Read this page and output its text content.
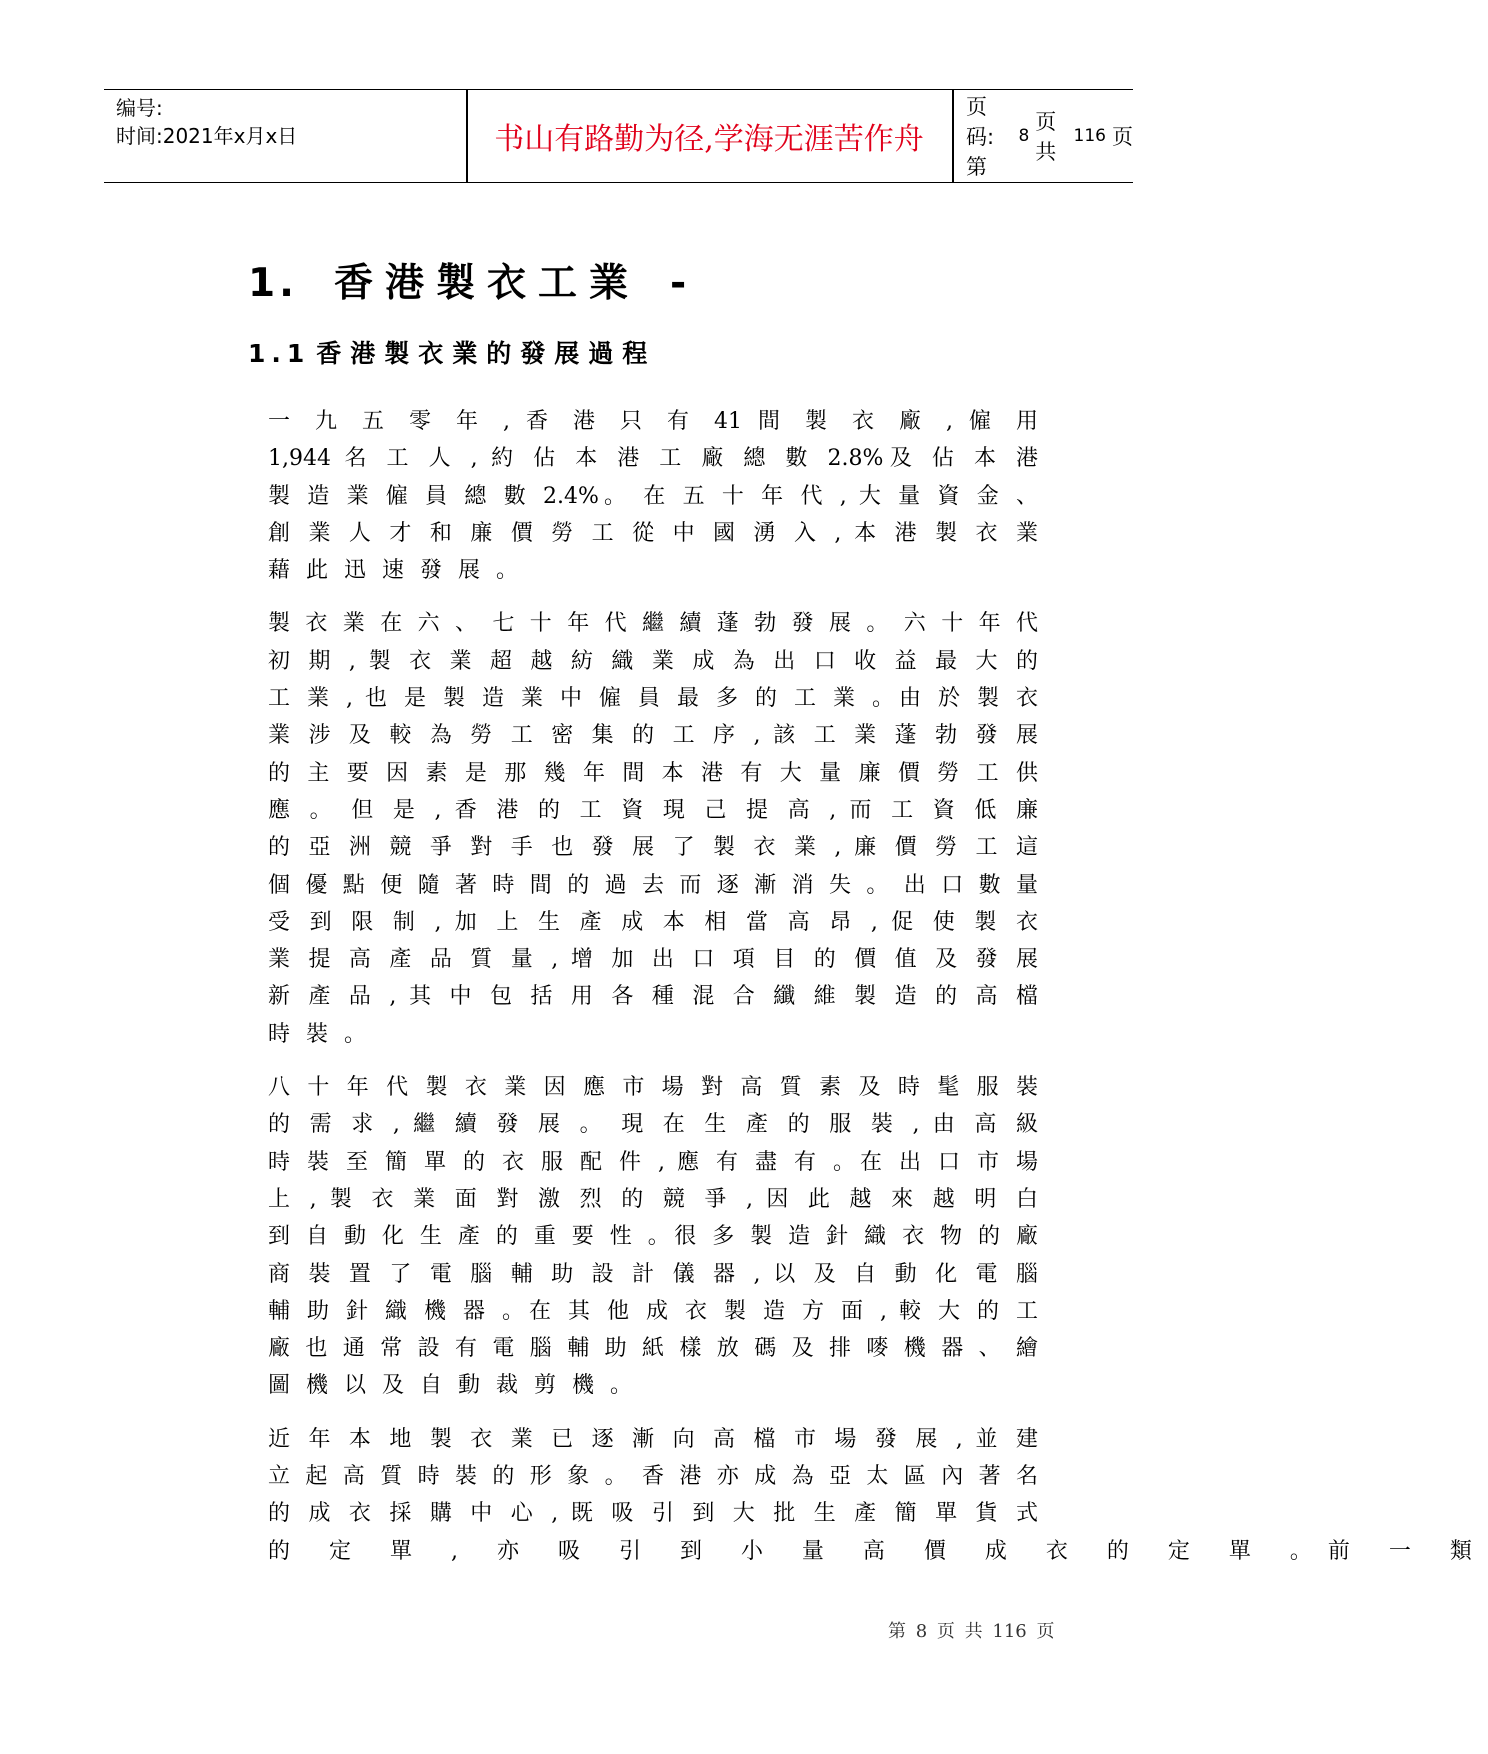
编号:
时间:2021年x月x日	书山有路勤为径,学海无涯苦作舟
页码:第
8
页 共
116 页
1. 香港製衣工業 -
1.1 香港製衣業的發展過程
一 九 五 零 年 , 香 港 只 有 41 間 製 衣 廠 , 僱 用
1,944 名 工 人 , 約 佔 本 港 工 廠 總 數 2.8%及 佔 本 港
製 造 業 僱 員 總 數 2.4%。 在 五 十 年 代 , 大 量 資 金 、
創 業 人 才 和 廉 價 勞 工 從 中 國 湧 入 , 本 港 製 衣 業
藉此迅速發展。
製 衣 業 在 六 、 七 十 年 代 繼 續 蓬 勃 發 展 。 六 十 年 代
初 期 , 製 衣 業 超 越 紡 織 業 成 為 出 口 收 益 最 大 的
工 業 , 也 是 製 造 業 中 僱 員 最 多 的 工 業 。由 於 製 衣
業 涉 及 較 為 勞 工 密 集 的 工 序 , 該 工 業 蓬 勃 發 展
的 主 要 因 素 是 那 幾 年 間 本 港 有 大 量 廉 價 勞 工 供
應 。 但 是 , 香 港 的 工 資 現 己 提 高 , 而 工 資 低 廉
的 亞 洲 競 爭 對 手 也 發 展 了 製 衣 業 , 廉 價 勞 工 這
個 優 點 便 隨 著 時 間 的 過 去 而 逐 漸 消 失 。 出 口 數 量
受 到 限 制 , 加 上 生 產 成 本 相 當 高 昂 , 促 使 製 衣
業 提 高 產 品 質 量 , 增 加 出 口 項 目 的 價 值 及 發 展
新 產 品 , 其 中 包 括 用 各 種 混 合 纖 維 製 造 的 高 檔
時裝。
八 十 年 代 製 衣 業 因 應 市 場 對 高 質 素 及 時 髦 服 裝
的 需 求 , 繼 續 發 展 。 現 在 生 產 的 服 裝 , 由 高 級
時 裝 至 簡 單 的 衣 服 配 件 , 應 有 盡 有 。在 出 口 市 場
上 , 製 衣 業 面 對 激 烈 的 競 爭 , 因 此 越 來 越 明 白
到 自 動 化 生 產 的 重 要 性 。很 多 製 造 針 織 衣 物 的 廠
商 裝 置 了 電 腦 輔 助 設 計 儀 器 , 以 及 自 動 化 電 腦
輔 助 針 織 機 器 。在 其 他 成 衣 製 造 方 面 , 較 大 的 工
廠 也 通 常 設 有 電 腦 輔 助 紙 樣 放 碼 及 排 嘜 機 器 、 繪
圖機以及自動裁剪機。
近 年 本 地 製 衣 業 已 逐 漸 向 高 檔 市 場 發 展 , 並 建
立 起 高 質 時 裝 的 形 象 。 香 港 亦 成 為 亞 太 區 內 著 名
的 成 衣 採 購 中 心 , 既 吸 引 到 大 批 生 產 簡 單 貨 式
的 定 單 , 亦 吸 引 到 小 量 高 價 成 衣 的 定 單 。前 一 類
第 8 页 共 116 页
